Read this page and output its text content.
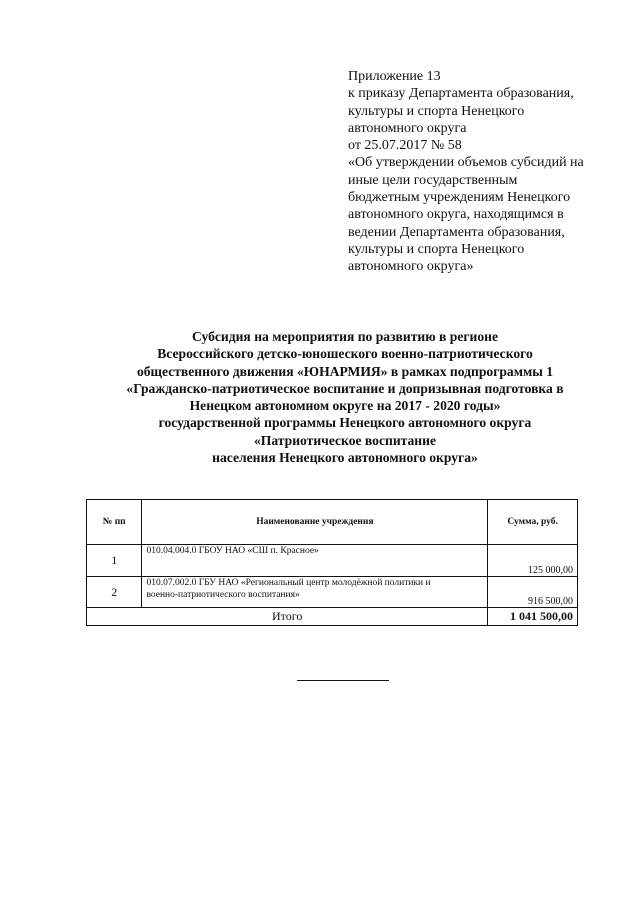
Приложение 13
к приказу Департамента образования,
культуры и спорта Ненецкого
автономного округа
от 25.07.2017 № 58
«Об утверждении объемов субсидий на
иные цели государственным
бюджетным учреждениям Ненецкого
автономного округа, находящимся в
ведении Департамента образования,
культуры и спорта Ненецкого
автономного округа»
Субсидия на мероприятия по развитию в регионе
Всероссийского детско-юношеского военно-патриотического
общественного движения «ЮНАРМИЯ» в рамках подпрограммы 1
«Гражданско-патриотическое воспитание и допризывная подготовка в
Ненецком автономном округе на 2017 - 2020 годы»
государственной программы Ненецкого автономного округа
«Патриотическое воспитание
населения Ненецкого автономного округа»
№ пп	Наименование учреждения	Сумма, руб.
1	010.04.004.0 ГБОУ НАО «СШ п. Красное»	125 000,00
2	010.07.002.0 ГБУ НАО «Региональный центр молодёжной политики и
военно-патриотического воспитания»	916 500,00
Итого		1 041 500,00
